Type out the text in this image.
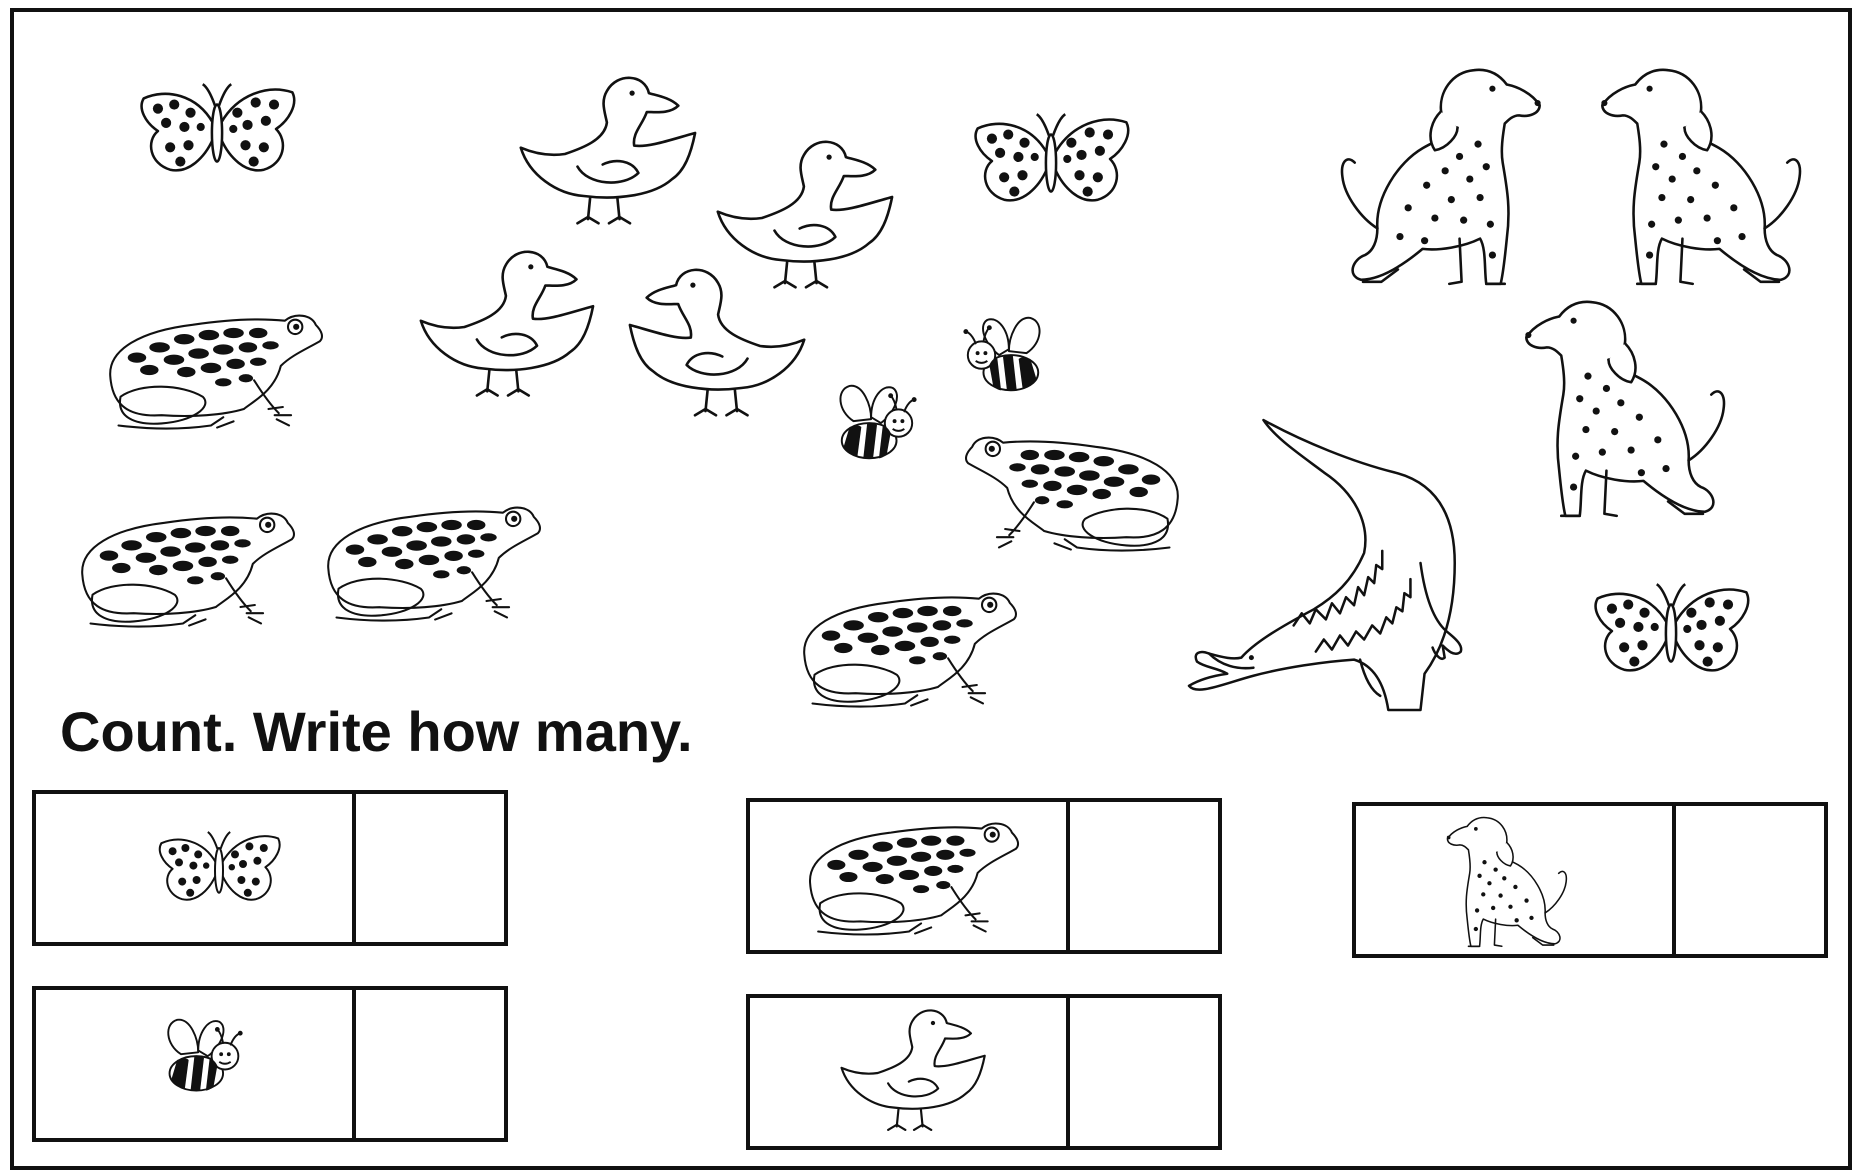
Count. Write how many.
